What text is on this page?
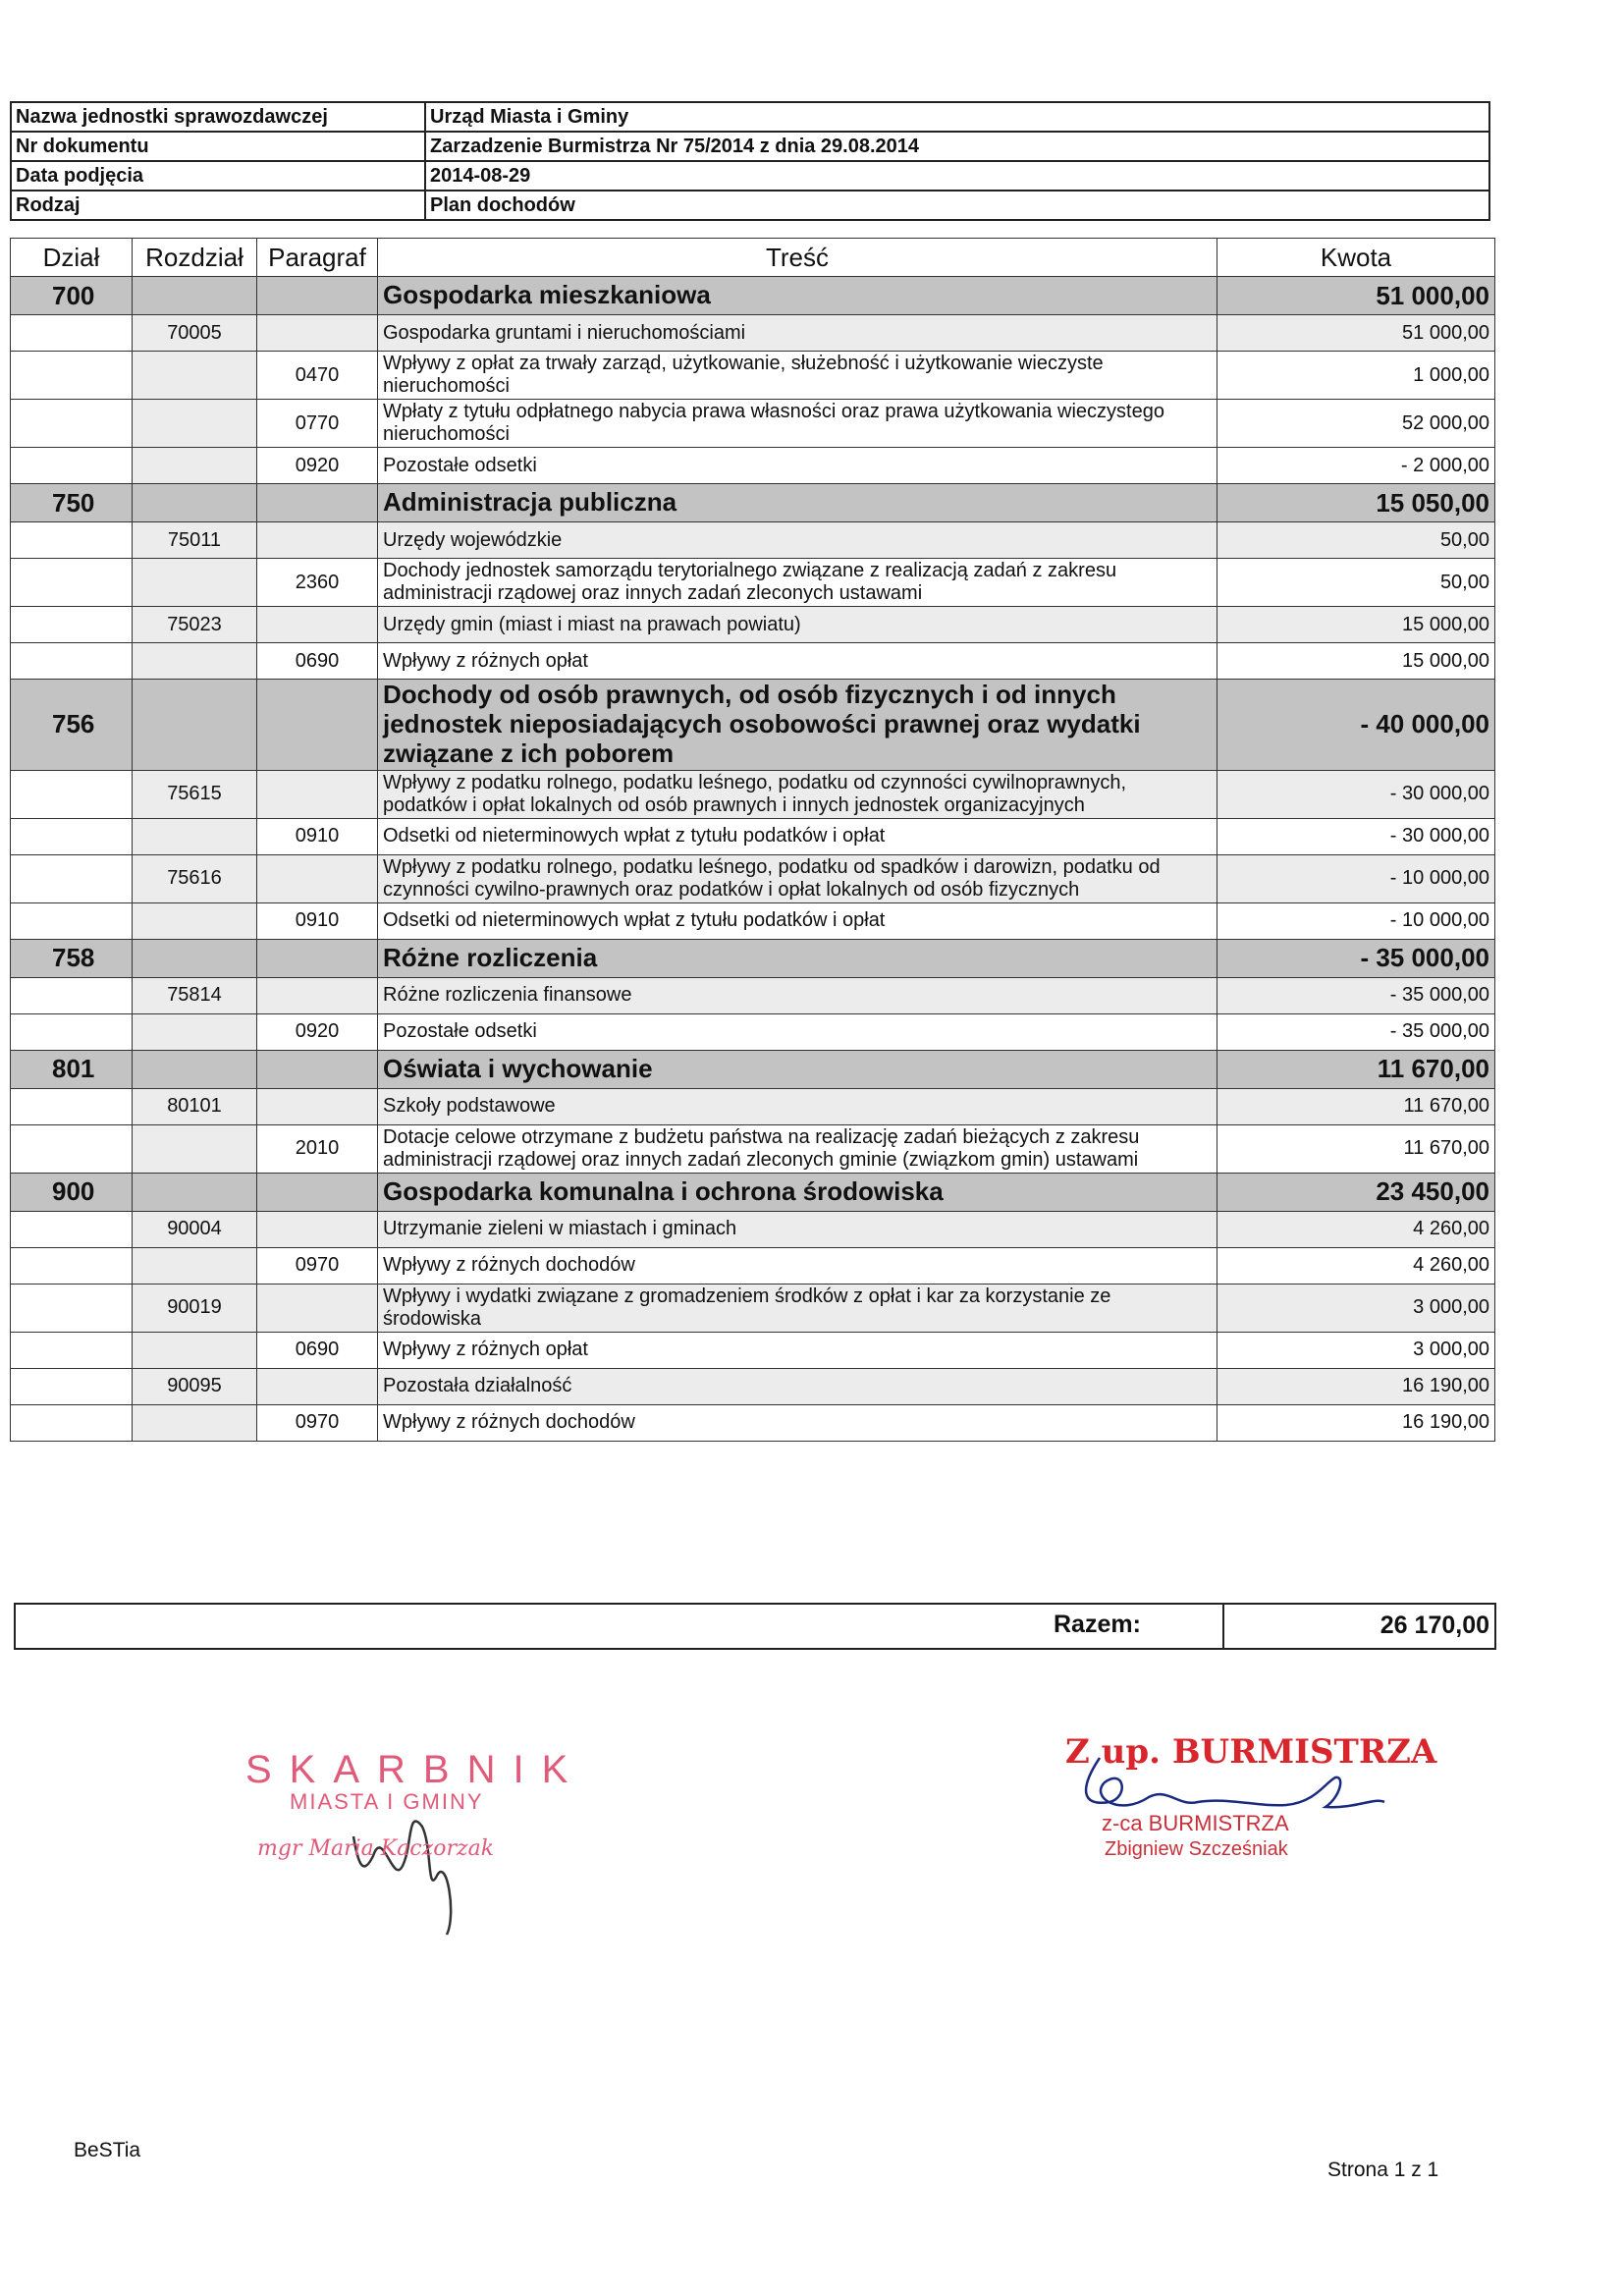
Nazwa jednostki sprawozdawczej	Urząd Miasta i Gminy
Nr dokumentu	Zarzadzenie Burmistrza Nr 75/2014 z dnia 29.08.2014
Data podjęcia	2014-08-29
Rodzaj	Plan dochodów
Dział	Rozdział	Paragraf	Treść	Kwota
700			Gospodarka mieszkaniowa	51 000,00
	70005		Gospodarka gruntami i nieruchomościami	51 000,00
		0470	Wpływy z opłat za trwały zarząd, użytkowanie, służebność i użytkowanie wieczyste nieruchomości	1 000,00
		0770	Wpłaty z tytułu odpłatnego nabycia prawa własności oraz prawa użytkowania wieczystego nieruchomości	52 000,00
		0920	Pozostałe odsetki	- 2 000,00
750			Administracja publiczna	15 050,00
	75011		Urzędy wojewódzkie	50,00
		2360	Dochody jednostek samorządu terytorialnego związane z realizacją zadań z zakresu administracji rządowej oraz innych zadań zleconych ustawami	50,00
	75023		Urzędy gmin (miast i miast na prawach powiatu)	15 000,00
		0690	Wpływy z różnych opłat	15 000,00
756			Dochody od osób prawnych, od osób fizycznych i od innych jednostek nieposiadających osobowości prawnej oraz wydatki związane z ich poborem	- 40 000,00
	75615		Wpływy z podatku rolnego, podatku leśnego, podatku od czynności cywilnoprawnych, podatków i opłat lokalnych od osób prawnych i innych jednostek organizacyjnych	- 30 000,00
		0910	Odsetki od nieterminowych wpłat z tytułu podatków i opłat	- 30 000,00
	75616		Wpływy z podatku rolnego, podatku leśnego, podatku od spadków i darowizn, podatku od czynności cywilno-prawnych oraz podatków i opłat lokalnych od osób fizycznych	- 10 000,00
		0910	Odsetki od nieterminowych wpłat z tytułu podatków i opłat	- 10 000,00
758			Różne rozliczenia	- 35 000,00
	75814		Różne rozliczenia finansowe	- 35 000,00
		0920	Pozostałe odsetki	- 35 000,00
801			Oświata i wychowanie	11 670,00
	80101		Szkoły podstawowe	11 670,00
		2010	Dotacje celowe otrzymane z budżetu państwa na realizację zadań bieżących z zakresu administracji rządowej oraz innych zadań zleconych gminie (związkom gmin) ustawami	11 670,00
900			Gospodarka komunalna i ochrona środowiska	23 450,00
	90004		Utrzymanie zieleni w miastach i gminach	4 260,00
		0970	Wpływy z różnych dochodów	4 260,00
	90019		Wpływy i wydatki związane z gromadzeniem środków z opłat i kar za korzystanie ze środowiska	3 000,00
		0690	Wpływy z różnych opłat	3 000,00
	90095		Pozostała działalność	16 190,00
		0970	Wpływy z różnych dochodów	16 190,00
Razem:	26 170,00
SKARBNIK
MIASTA I GMINY
mgr Maria Kaczorzak
Z up. BURMISTRZA
z-ca BURMISTRZA
Zbigniew Szcześniak
BeSTia
Strona 1 z 1
